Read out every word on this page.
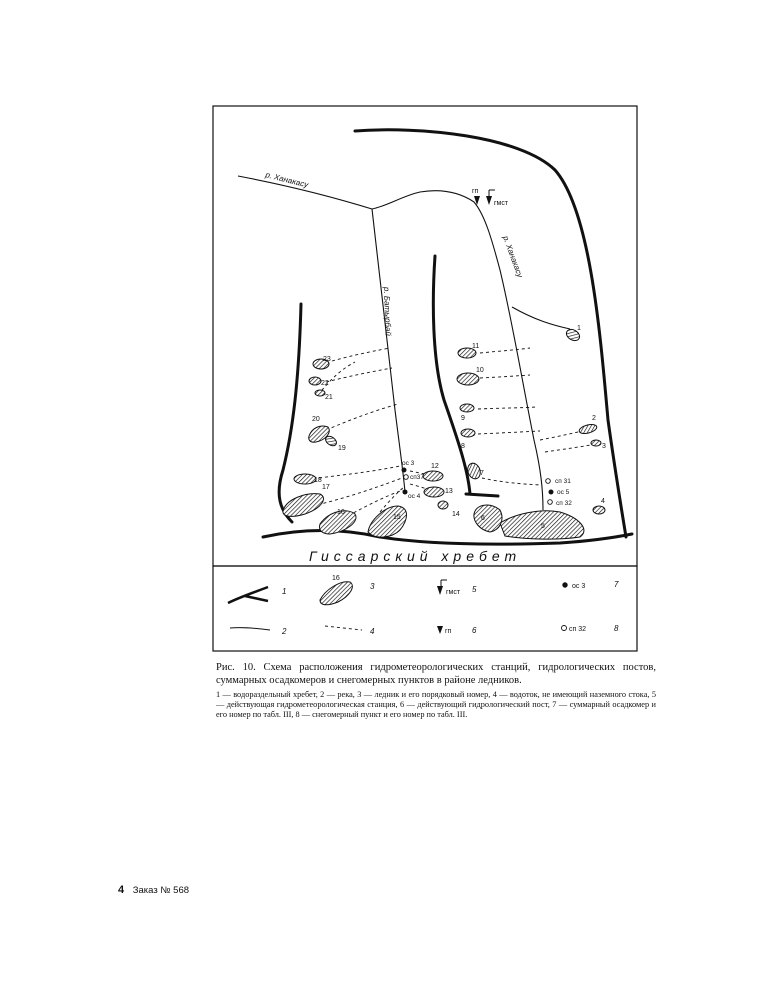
1
2
3
4
5
6
7
8
9
10
11
12
13
14
15
16
17
18
19
20
21
22
23
р. Ханакасу
р. Ханакасу
р. Батырбай
Гиссарский хребет
гп
гмст
ос 3
сп37
ос 4
сп 31
ос 5
сп 32
1
2
16
3
4
гмст 5
гп	6
ос 3	7
сп 32	8
Рис. 10. Схема расположения гидрометеорологических станций, гидрологических постов, суммарных осадкомеров и снегомерных пунктов в районе ледников.
1 — водораздельный хребет, 2 — река, 3 — ледник и его порядковый номер, 4 — водоток, не имеющий наземного стока, 5 — действующая гидрометеорологическая станция, 6 — действующий гидрологический пост, 7 — суммарный осадкомер и его номер по табл. III, 8 — снегомерный пункт и его номер по табл. III.
4 Заказ № 568
